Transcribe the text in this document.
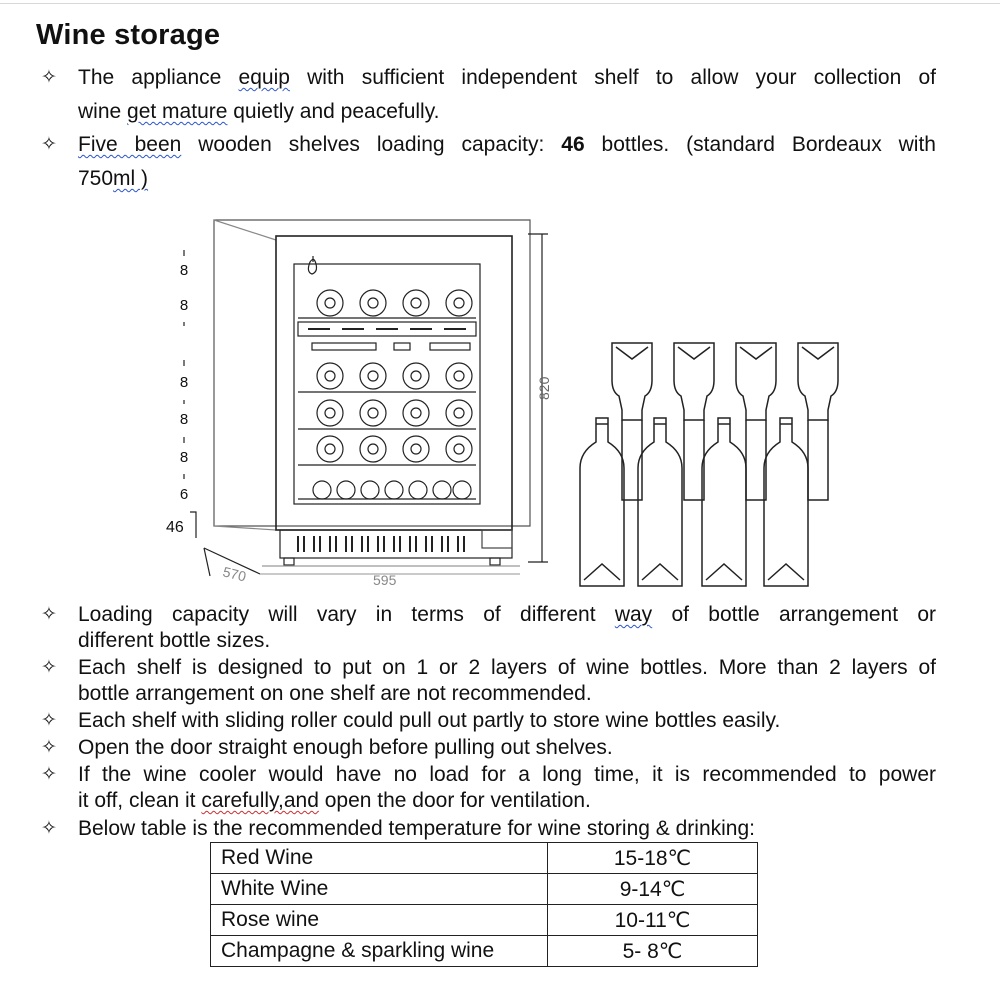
Wine storage
✧ The appliance equip with sufficient independent shelf to allow your collection of
wine get mature quietly and peacefully.
✧ Five been wooden shelves loading capacity: 46 bottles. (standard Bordeaux with
750ml )
8
8
8
8
8
6
46
820
570	595
✧ Loading capacity will vary in terms of different way of bottle arrangement or
different bottle sizes.
✧ Each shelf is designed to put on 1 or 2 layers of wine bottles. More than 2 layers of
bottle arrangement on one shelf are not recommended.
✧ Each shelf with sliding roller could pull out partly to store wine bottles easily.
✧ Open the door straight enough before pulling out shelves.
✧ If the wine cooler would have no load for a long time, it is recommended to power
it off, clean it carefully,and open the door for ventilation.
✧ Below table is the recommended temperature for wine storing & drinking:
Red Wine	15-18℃
White Wine	9-14℃
Rose wine	10-11℃
Champagne & sparkling wine	5- 8℃
